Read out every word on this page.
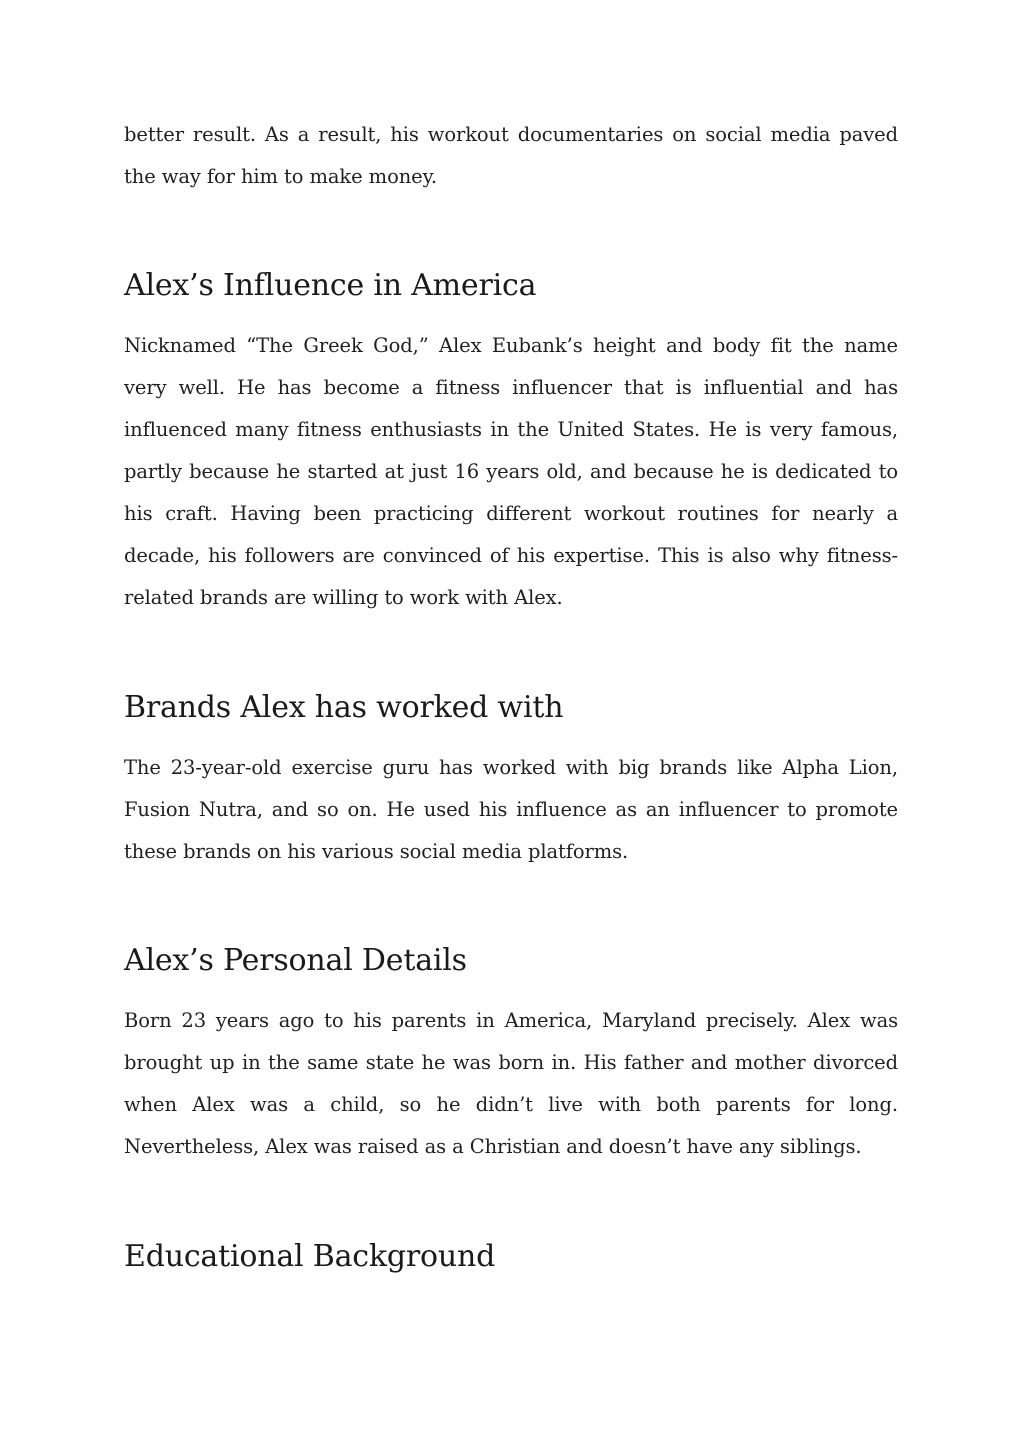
better result. As a result, his workout documentaries on social media paved the way for him to make money.

Alex’s Influence in America

Nicknamed “The Greek God,” Alex Eubank’s height and body fit the name very well. He has become a fitness influencer that is influential and has influenced many fitness enthusiasts in the United States. He is very famous, partly because he started at just 16 years old, and because he is dedicated to his craft. Having been practicing different workout routines for nearly a decade, his followers are convinced of his expertise. This is also why fitness-related brands are willing to work with Alex.

Brands Alex has worked with

The 23-year-old exercise guru has worked with big brands like Alpha Lion, Fusion Nutra, and so on. He used his influence as an influencer to promote these brands on his various social media platforms.

Alex’s Personal Details

Born 23 years ago to his parents in America, Maryland precisely. Alex was brought up in the same state he was born in. His father and mother divorced when Alex was a child, so he didn’t live with both parents for long. Nevertheless, Alex was raised as a Christian and doesn’t have any siblings.

Educational Background
